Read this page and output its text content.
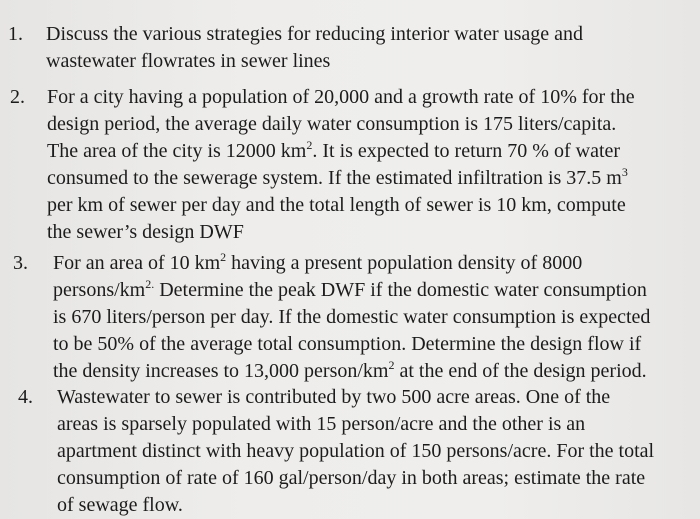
1. Discuss the various strategies for reducing interior water usage and
wastewater flowrates in sewer lines
2. For a city having a population of 20,000 and a growth rate of 10% for the
design period, the average daily water consumption is 175 liters/capita.
The area of the city is 12000 $km^2$. It is expected to return 70 % of water
consumed to the sewerage system. If the estimated infiltration is 37.5 $m^3$
per km of sewer per day and the total length of sewer is 10 km, compute
the sewer’s design DWF
3. For an area of 10 $km^2$ having a present population density of 8000
persons/$km^{2.}$ Determine the peak DWF if the domestic water consumption
is 670 liters/person per day. If the domestic water consumption is expected
to be 50% of the average total consumption. Determine the design flow if
the density increases to 13,000 person/$km^2$ at the end of the design period.
4. Wastewater to sewer is contributed by two 500 acre areas. One of the
areas is sparsely populated with 15 person/acre and the other is an
apartment distinct with heavy population of 150 persons/acre. For the total
consumption of rate of 160 gal/person/day in both areas; estimate the rate
of sewage flow.
